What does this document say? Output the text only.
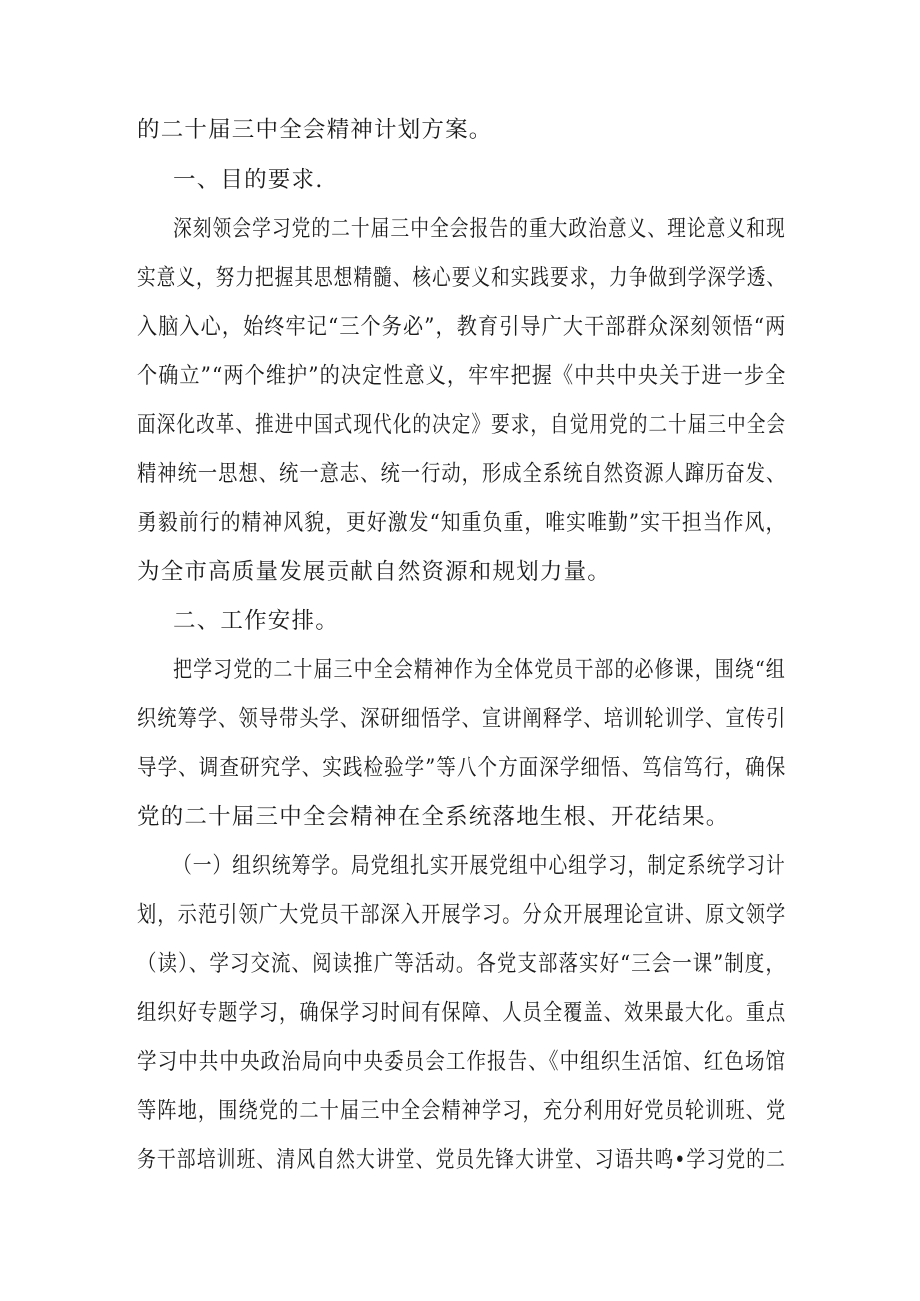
的二十届三中全会精神计划方案。
一、目的要求.
深刻领会学习党的二十届三中全会报告的重大政治意义、理论意义和现
实意义，努力把握其思想精髓、核心要义和实践要求，力争做到学深学透、
入脑入心，始终牢记“三个务必”，教育引导广大干部群众深刻领悟“两
个确立”“两个维护”的决定性意义，牢牢把握《中共中央关于进一步全
面深化改革、推进中国式现代化的决定》要求，自觉用党的二十届三中全会
精神统一思想、统一意志、统一行动，形成全系统自然资源人蹿历奋发、
勇毅前行的精神风貌，更好激发“知重负重，唯实唯勤”实干担当作风，
为全市高质量发展贡献自然资源和规划力量。
二、工作安排。
把学习党的二十届三中全会精神作为全体党员干部的必修课，围绕“组
织统筹学、领导带头学、深研细悟学、宣讲阐释学、培训轮训学、宣传引
导学、调查研究学、实践检验学”等八个方面深学细悟、笃信笃行，确保
党的二十届三中全会精神在全系统落地生根、开花结果。
（一）组织统筹学。局党组扎实开展党组中心组学习，制定系统学习计
划，示范引领广大党员干部深入开展学习。分众开展理论宣讲、原文领学
（读）、学习交流、阅读推广等活动。各党支部落实好“三会一课”制度，
组织好专题学习，确保学习时间有保障、人员全覆盖、效果最大化。重点
学习中共中央政治局向中央委员会工作报告、《中组织生活馆、红色场馆
等阵地，围绕党的二十届三中全会精神学习，充分利用好党员轮训班、党
务干部培训班、清风自然大讲堂、党员先锋大讲堂、习语共鸣•学习党的二
